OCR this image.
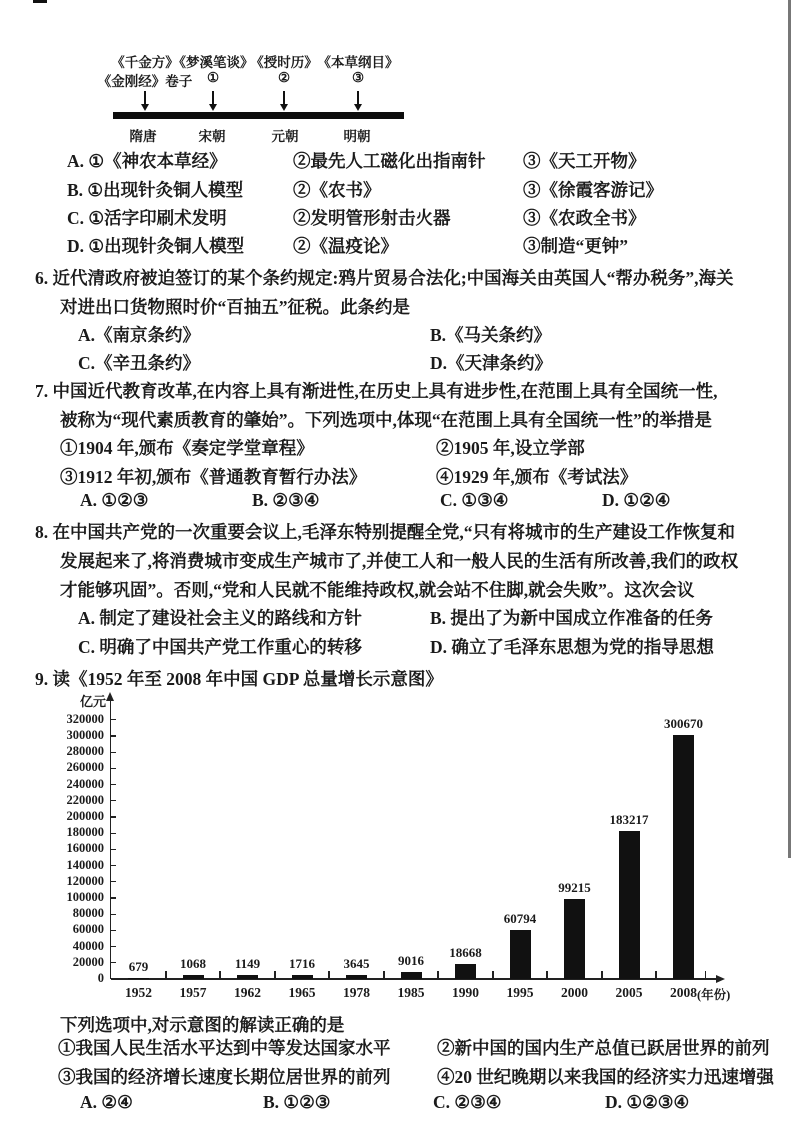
《千金方》
《金刚经》卷子
隋唐
《梦溪笔谈》
①
宋朝
《授时历》
②
元朝
《本草纲目》
③
明朝
A. ①《神农本草经》	②最先人工磁化出指南针 ③《天工开物》
B. ①出现针灸铜人模型	②《农书》	③《徐霞客游记》
C. ①活字印刷术发明	②发明管形射击火器	③《农政全书》
D. ①出现针灸铜人模型	②《温疫论》	③制造“更钟”
6. 近代清政府被迫签订的某个条约规定:鸦片贸易合法化;中国海关由英国人“帮办税务”,海关
对进出口货物照时价“百抽五”征税。此条约是
A.《南京条约》	B.《马关条约》
C.《辛丑条约》	D.《天津条约》
7. 中国近代教育改革,在内容上具有渐进性,在历史上具有进步性,在范围上具有全国统一性,
被称为“现代素质教育的肇始”。下列选项中,体现“在范围上具有全国统一性”的举措是
①1904 年,颁布《奏定学堂章程》	②1905 年,设立学部
③1912 年初,颁布《普通教育暂行办法》	④1929 年,颁布《考试法》
A. ①②③	B. ②③④	C. ①③④	D. ①②④
8. 在中国共产党的一次重要会议上,毛泽东特别提醒全党,“只有将城市的生产建设工作恢复和
发展起来了,将消费城市变成生产城市了,并使工人和一般人民的生活有所改善,我们的政权
才能够巩固”。否则,“党和人民就不能维持政权,就会站不住脚,就会失败”。这次会议
A. 制定了建设社会主义的路线和方针	B. 提出了为新中国成立作准备的任务
C. 明确了中国共产党工作重心的转移	D. 确立了毛泽东思想为党的指导思想
9. 读《1952 年至 2008 年中国 GDP 总量增长示意图》
亿元
(年份)
0
20000
40000
60000
80000
100000
120000
140000
160000
180000
200000
220000
240000
260000
280000
300000
320000
679
1952
1068
1957
1149
1962
1716
1965
3645
1978
9016
1985
18668
1990
60794
1995
99215
2000
183217
2005
300670
2008
下列选项中,对示意图的解读正确的是
①我国人民生活水平达到中等发达国家水平	②新中国的国内生产总值已跃居世界的前列
③我国的经济增长速度长期位居世界的前列	④20 世纪晚期以来我国的经济实力迅速增强
A. ②④	B. ①②③	C. ②③④	D. ①②③④
